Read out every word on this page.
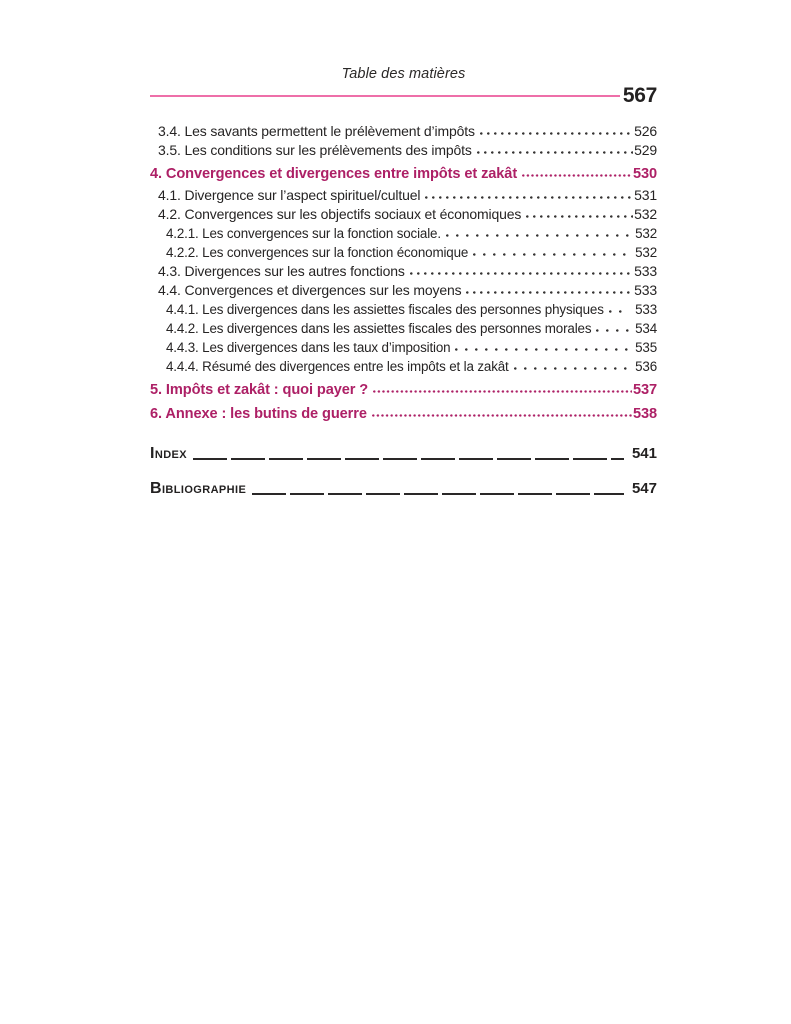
Table des matières
567
3.4. Les savants permettent le prélèvement d’impôts	526
3.5. Les conditions sur les prélèvements des impôts	529
4. Convergences et divergences entre impôts et zakât	530
4.1. Divergence sur l’aspect spirituel/cultuel	531
4.2. Convergences sur les objectifs sociaux et économiques	532
4.2.1. Les convergences sur la fonction sociale.	532
4.2.2. Les convergences sur la fonction économique	532
4.3. Divergences sur les autres fonctions	533
4.4. Convergences et divergences sur les moyens	533
4.4.1. Les divergences dans les assiettes fiscales des personnes physiques 533
4.4.2. Les divergences dans les assiettes fiscales des personnes morales	534
4.4.3. Les divergences dans les taux d’imposition	535
4.4.4. Résumé des divergences entre les impôts et la zakât	536
5. Impôts et zakât : quoi payer ?	537
6. Annexe : les butins de guerre	538
Index	541
Bibliographie	547
